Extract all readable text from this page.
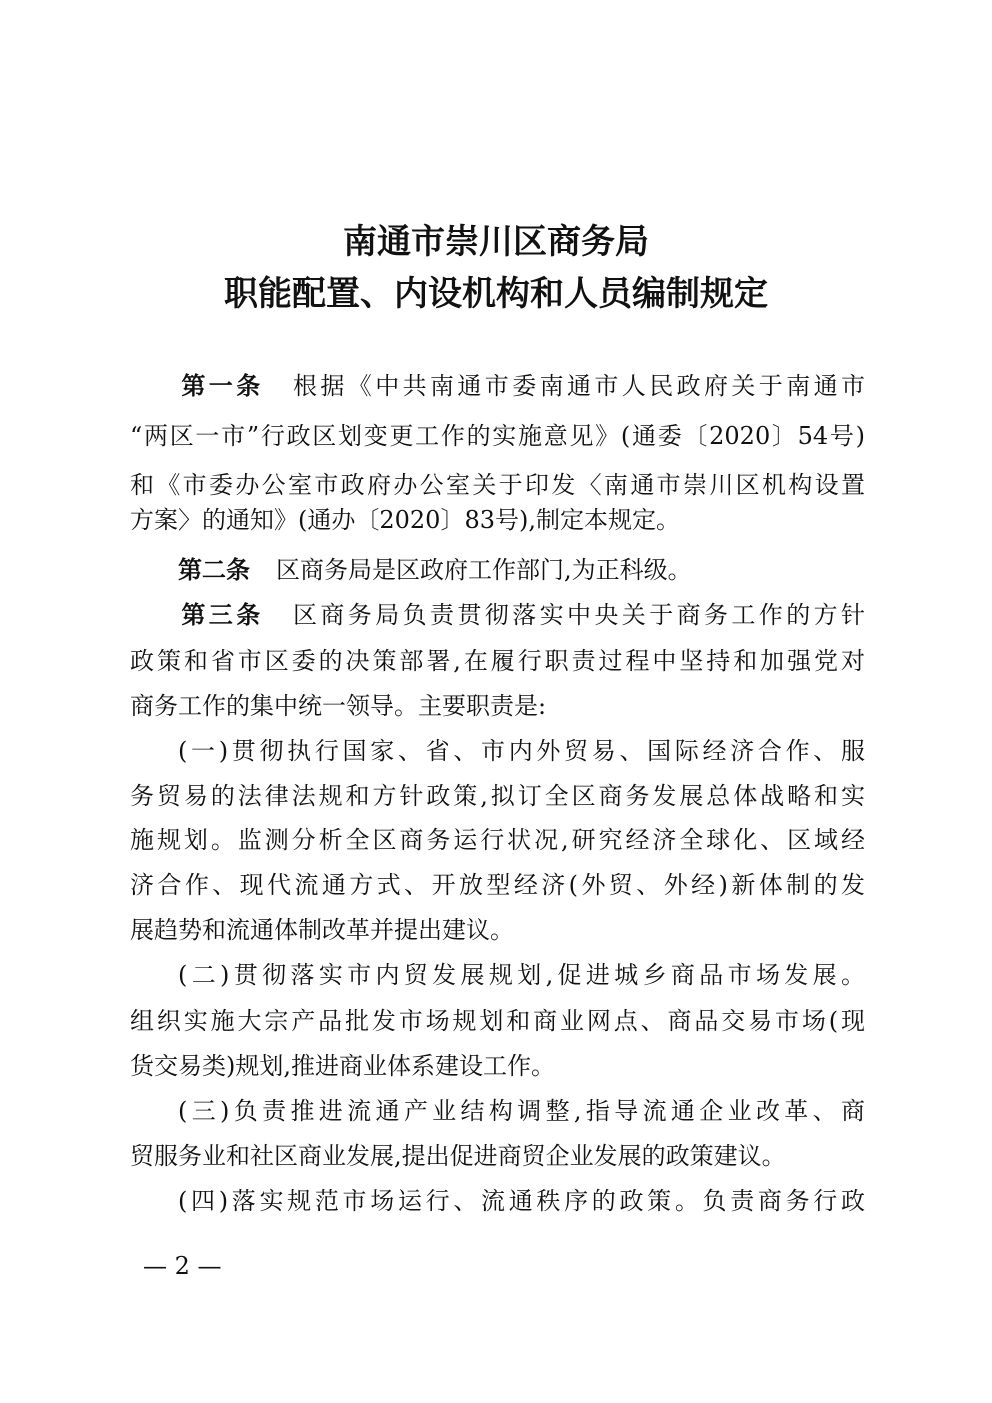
南通市崇川区商务局
职能配置、内设机构和人员编制规定
第一条 根据《中共南通市委南通市人民政府关于南通市
“两区一市”行政区划变更工作的实施意见》(通委〔2020〕54号)
和《市委办公室市政府办公室关于印发〈南通市崇川区机构设置
方案〉的通知》(通办〔2020〕83号),制定本规定。
第二条 区商务局是区政府工作部门,为正科级。
第三条 区商务局负责贯彻落实中央关于商务工作的方针
政策和省市区委的决策部署,在履行职责过程中坚持和加强党对
商务工作的集中统一领导。主要职责是:
(一)贯彻执行国家、省、市内外贸易、国际经济合作、服
务贸易的法律法规和方针政策,拟订全区商务发展总体战略和实
施规划。监测分析全区商务运行状况,研究经济全球化、区域经
济合作、现代流通方式、开放型经济(外贸、外经)新体制的发
展趋势和流通体制改革并提出建议。
(二)贯彻落实市内贸发展规划,促进城乡商品市场发展。
组织实施大宗产品批发市场规划和商业网点、商品交易市场(现
货交易类)规划,推进商业体系建设工作。
(三)负责推进流通产业结构调整,指导流通企业改革、商
贸服务业和社区商业发展,提出促进商贸企业发展的政策建议。
(四)落实规范市场运行、流通秩序的政策。负责商务行政
— 2 —
